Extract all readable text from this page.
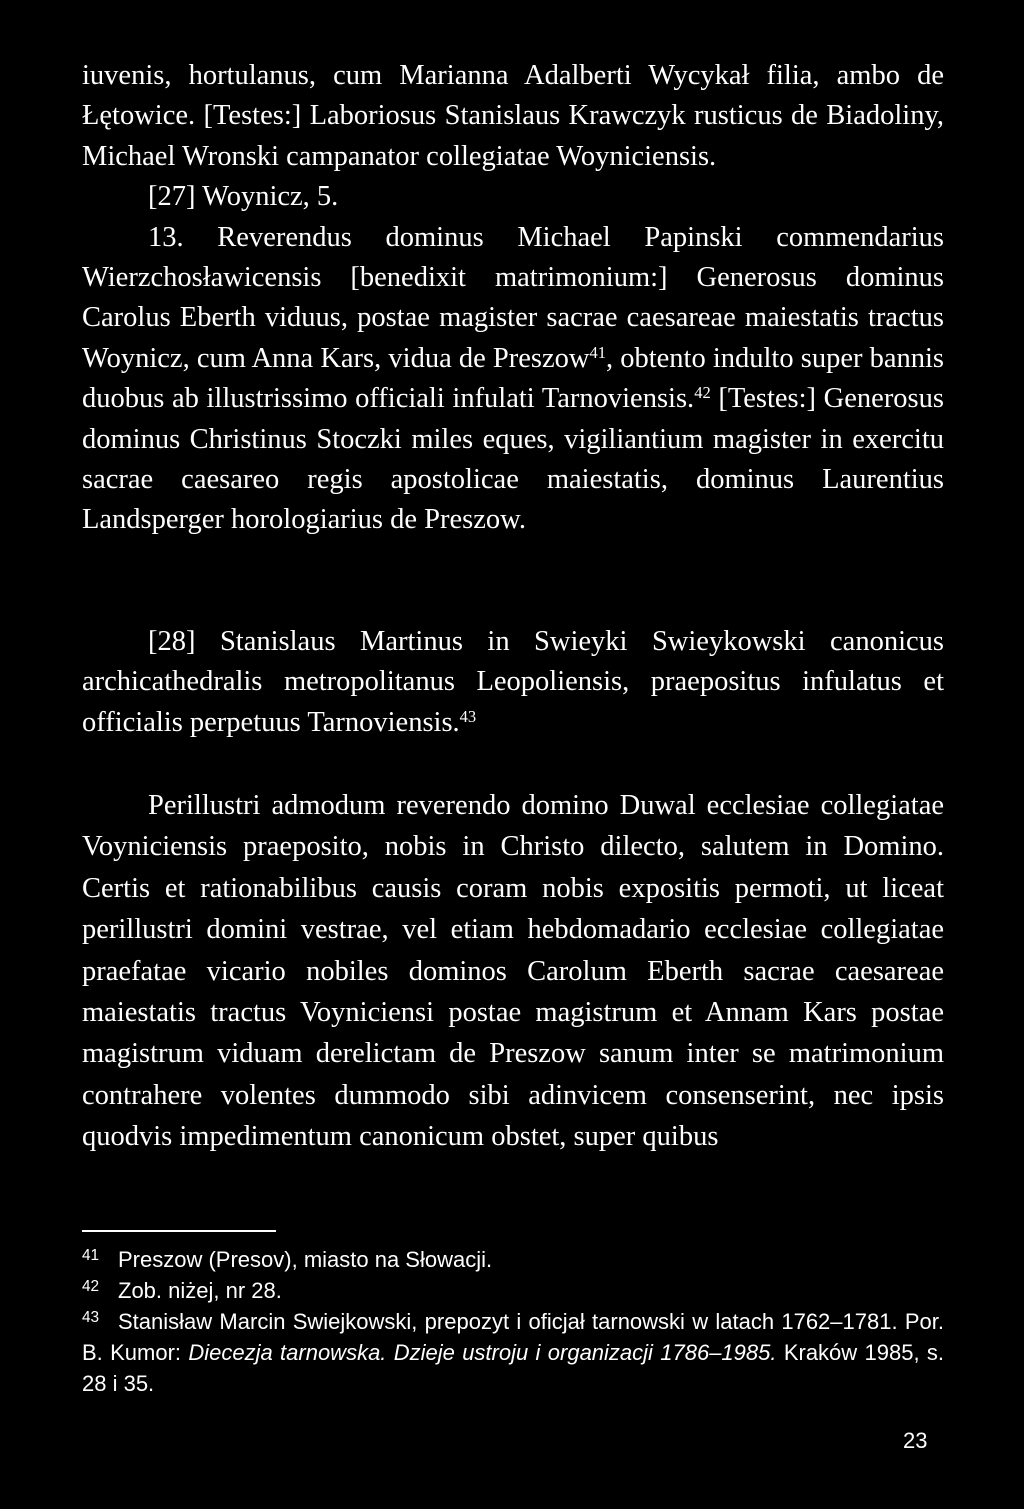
iuvenis, hortulanus, cum Marianna Adalberti Wycykał filia, ambo de Łętowice. [Testes:] Laboriosus Stanislaus Krawczyk rusticus de Biadoliny, Michael Wronski campanator collegiatae Woyniciensis.

[27] Woynicz, 5.

13. Reverendus dominus Michael Papinski commendarius Wierzchosławicensis [benedixit matrimonium:] Generosus dominus Carolus Eberth viduus, postae magister sacrae caesareae maiestatis tractus Woynicz, cum Anna Kars, vidua de Preszow$^{41}$, obtento indulto super bannis duobus ab illustrissimo officiali infulati Tarnoviensis.$^{42}$ [Testes:] Generosus dominus Christinus Stoczki miles eques, vigiliantium magister in exercitu sacrae caesareo regis apostolicae maiestatis, dominus Laurentius Landsperger horologiarius de Preszow.

[28] Stanislaus Martinus in Swieyki Swieykowski canonicus archicathedralis metropolitanus Leopoliensis, praepositus infulatus et officialis perpetuus Tarnoviensis.$^{43}$

Perillustri admodum reverendo domino Duwal ecclesiae collegiatae Voyniciensis praeposito, nobis in Christo dilecto, salutem in Domino. Certis et rationabilibus causis coram nobis expositis permoti, ut liceat perillustri domini vestrae, vel etiam hebdomadario ecclesiae collegiatae praefatae vicario nobiles dominos Carolum Eberth sacrae caesareae maiestatis tractus Voyniciensi postae magistrum et Annam Kars postae magistrum viduam derelictam de Preszow sanum inter se matrimonium contrahere volentes dummodo sibi adinvicem consenserint, nec ipsis quodvis impedimentum canonicum obstet, super quibus

$^{41}$ Preszow (Presov), miasto na Słowacji.

$^{42}$ Zob. niżej, nr 28.

$^{43}$ Stanisław Marcin Swiejkowski, prepozyt i oficjał tarnowski w latach 1762–1781. Por. B. Kumor: Diecezja tarnowska. Dzieje ustroju i organizacji 1786–1985. Kraków 1985, s. 28 i 35.

23
